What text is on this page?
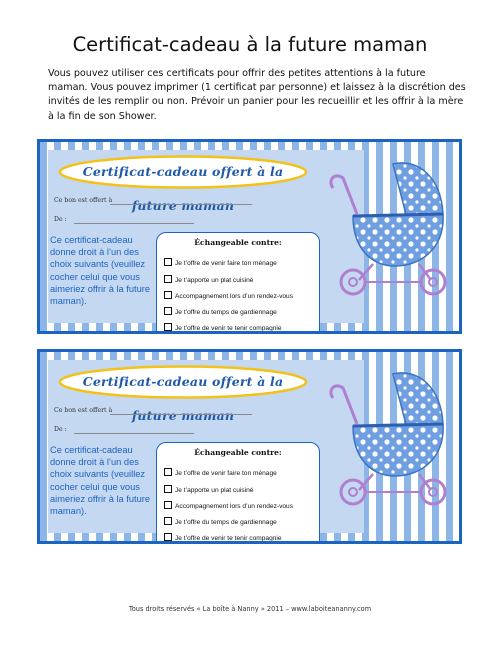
Certificat-cadeau à la future maman
Vous pouvez utiliser ces certificats pour offrir des petites attentions à la future maman. Vous pouvez imprimer (1 certificat par personne) et laissez à la discrétion des invités de les remplir ou non. Prévoir un panier pour les recueillir et les offrir à la mère à la fin de son Shower.
Certificat-cadeau offert à la future maman
Ce bon est offert à
De :
Ce certificat-cadeau donne droit à l’un des choix suivants (veuillez cocher celui que vous aimeriez offrir à la future maman).
Échangeable contre:
Je t’offre de venir faire ton ménage
Je t’apporte un plat cuisiné
Accompagnement lors d’un rendez-vous
Je t’offre du temps de gardiennage
Je t’offre de venir te tenir compagnie
Certificat-cadeau offert à la future maman
Ce bon est offert à
De :
Ce certificat-cadeau donne droit à l’un des choix suivants (veuillez cocher celui que vous aimeriez offrir à la future maman).
Échangeable contre:
Je t’offre de venir faire ton ménage
Je t’apporte un plat cuisiné
Accompagnement lors d’un rendez-vous
Je t’offre du temps de gardiennage
Je t’offre de venir te tenir compagnie
Tous droits réservés « La boîte à Nanny » 2011 – www.laboiteananny.com
